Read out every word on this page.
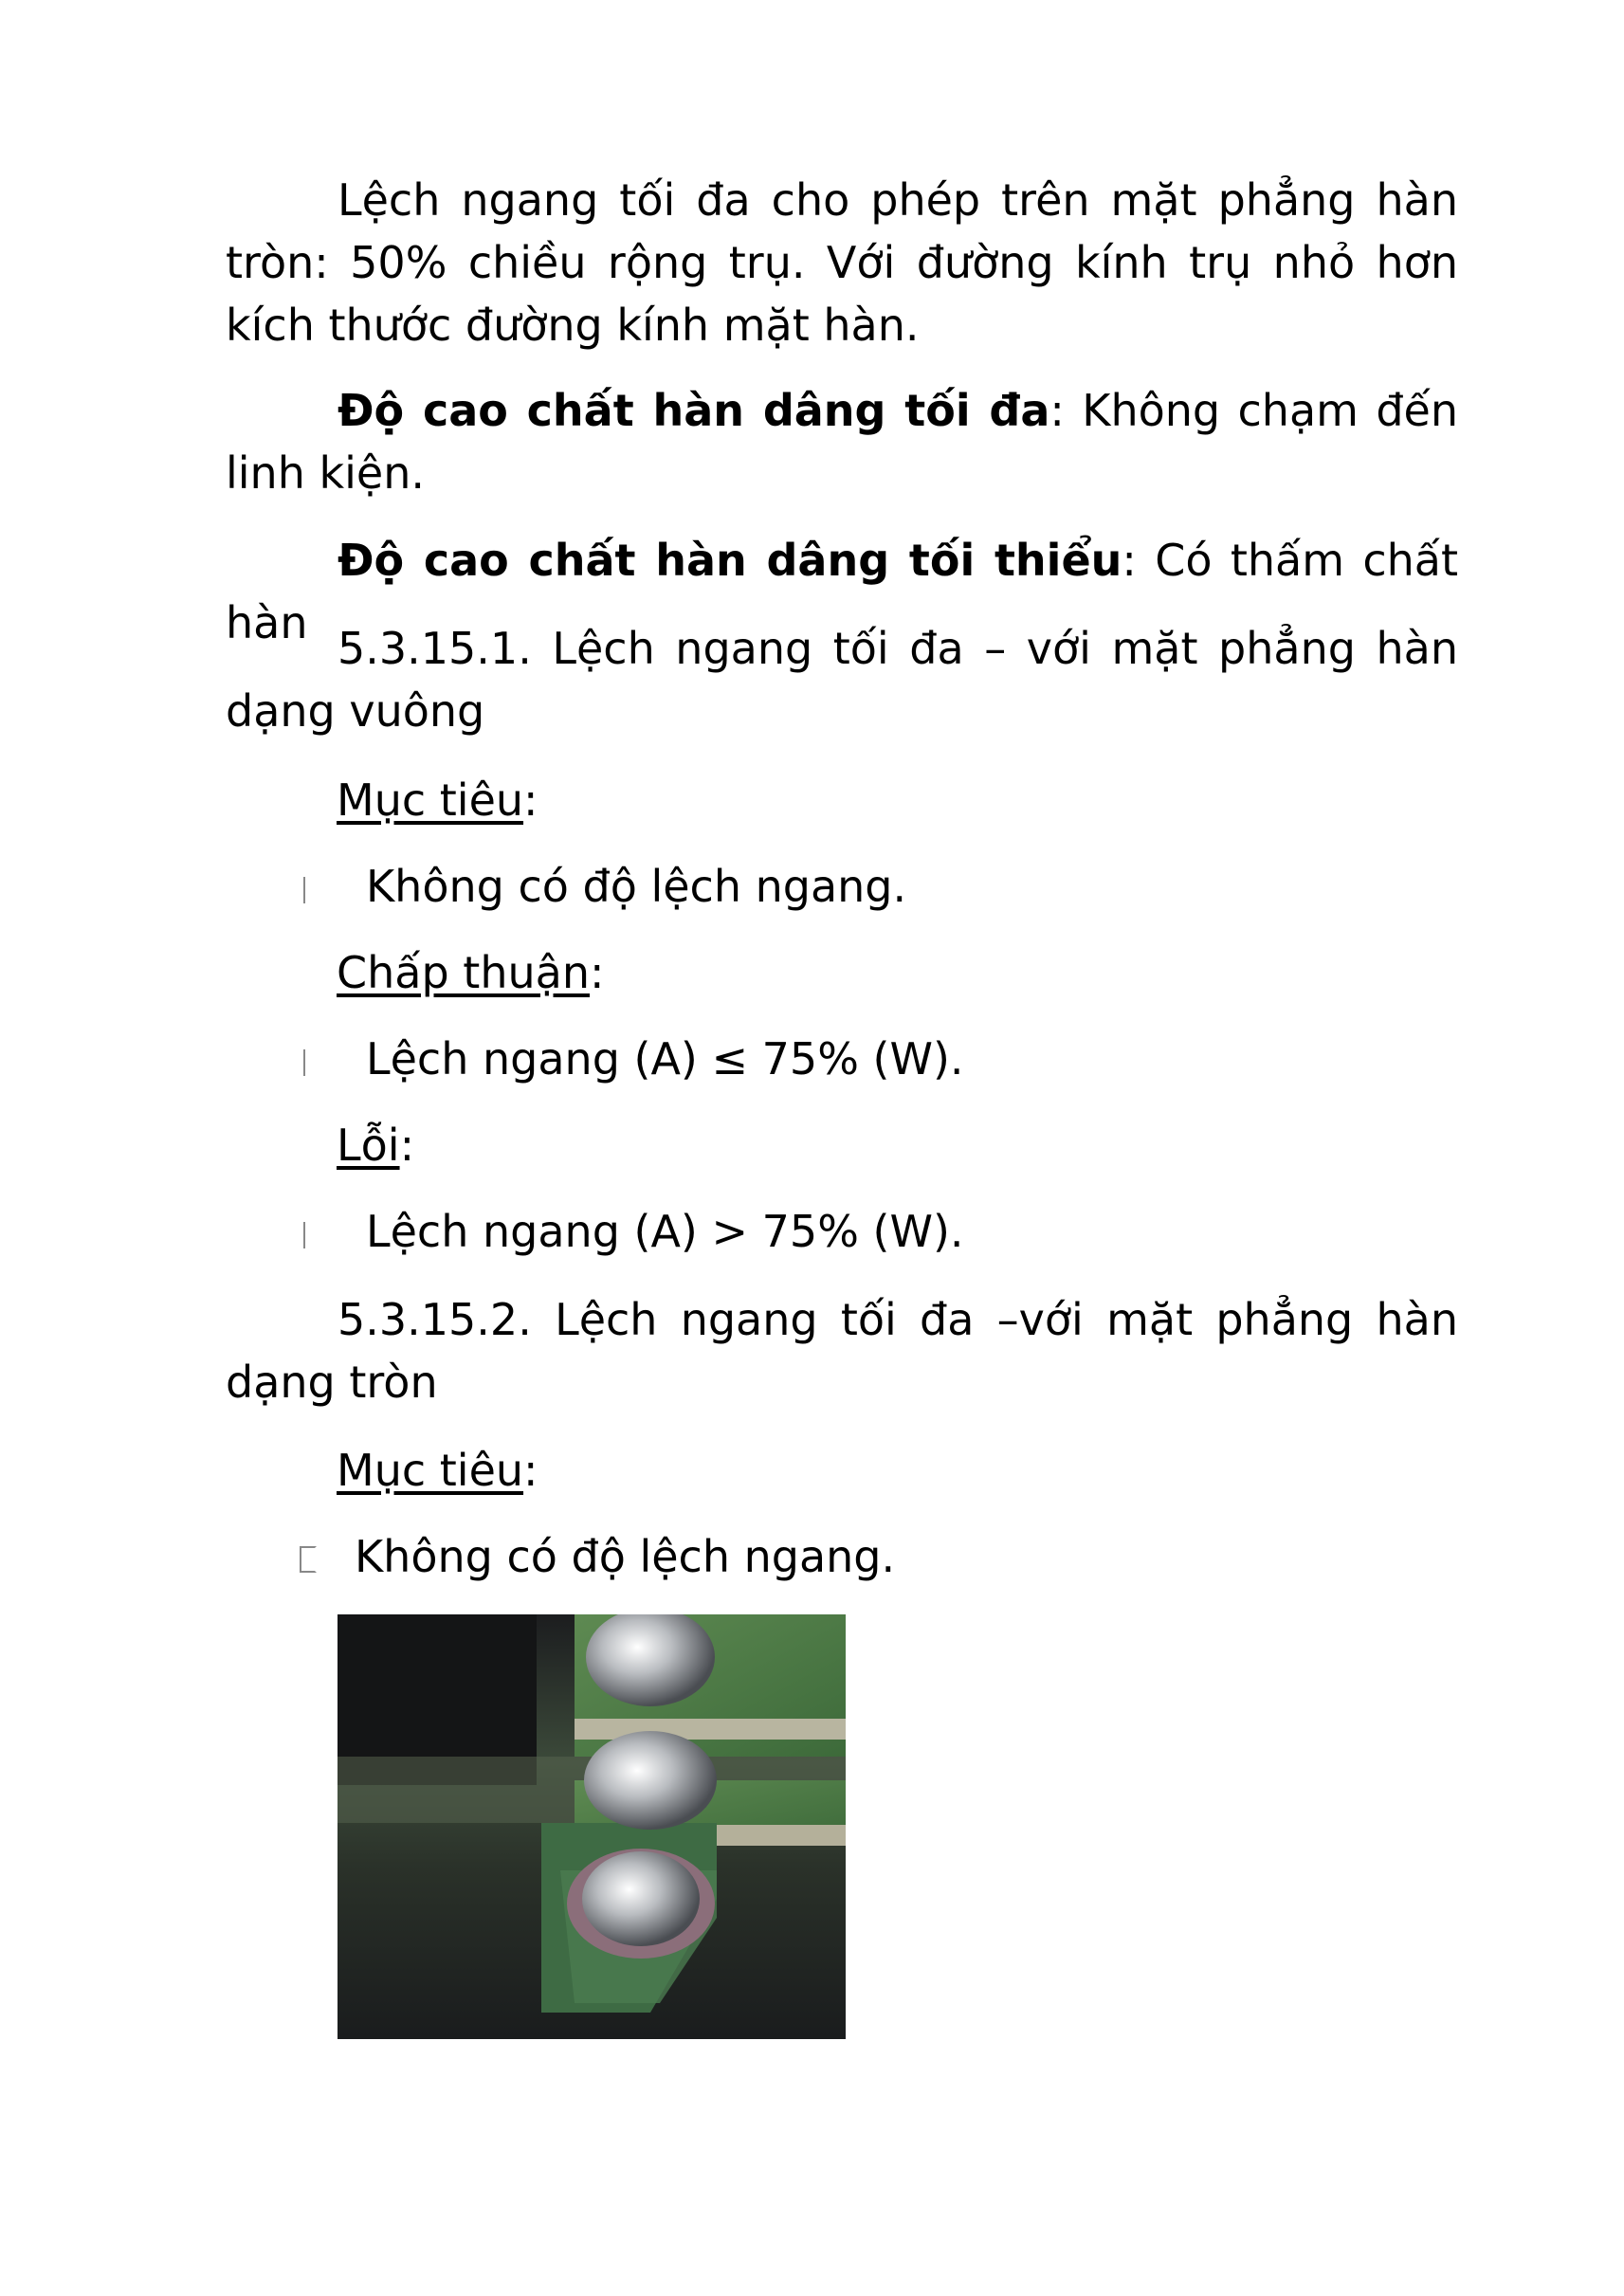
Lệch ngang tối đa cho phép trên mặt phẳng hàn tròn: 50% chiều rộng trụ. Với đường kính trụ nhỏ hơn kích thước đường kính mặt hàn.

Độ cao chất hàn dâng tối đa: Không chạm đến linh kiện.

Độ cao chất hàn dâng tối thiểu: Có thấm chất hàn 5.3.15.1. Lệch ngang tối đa – với mặt phẳng hàn dạng vuông

Mục tiêu:

Không có độ lệch ngang.

Chấp thuận:

Lệch ngang (A) ≤ 75% (W).

Lỗi:

Lệch ngang (A) > 75% (W).

5.3.15.2. Lệch ngang tối đa –với mặt phẳng hàn dạng tròn

Mục tiêu:

Không có độ lệch ngang.
